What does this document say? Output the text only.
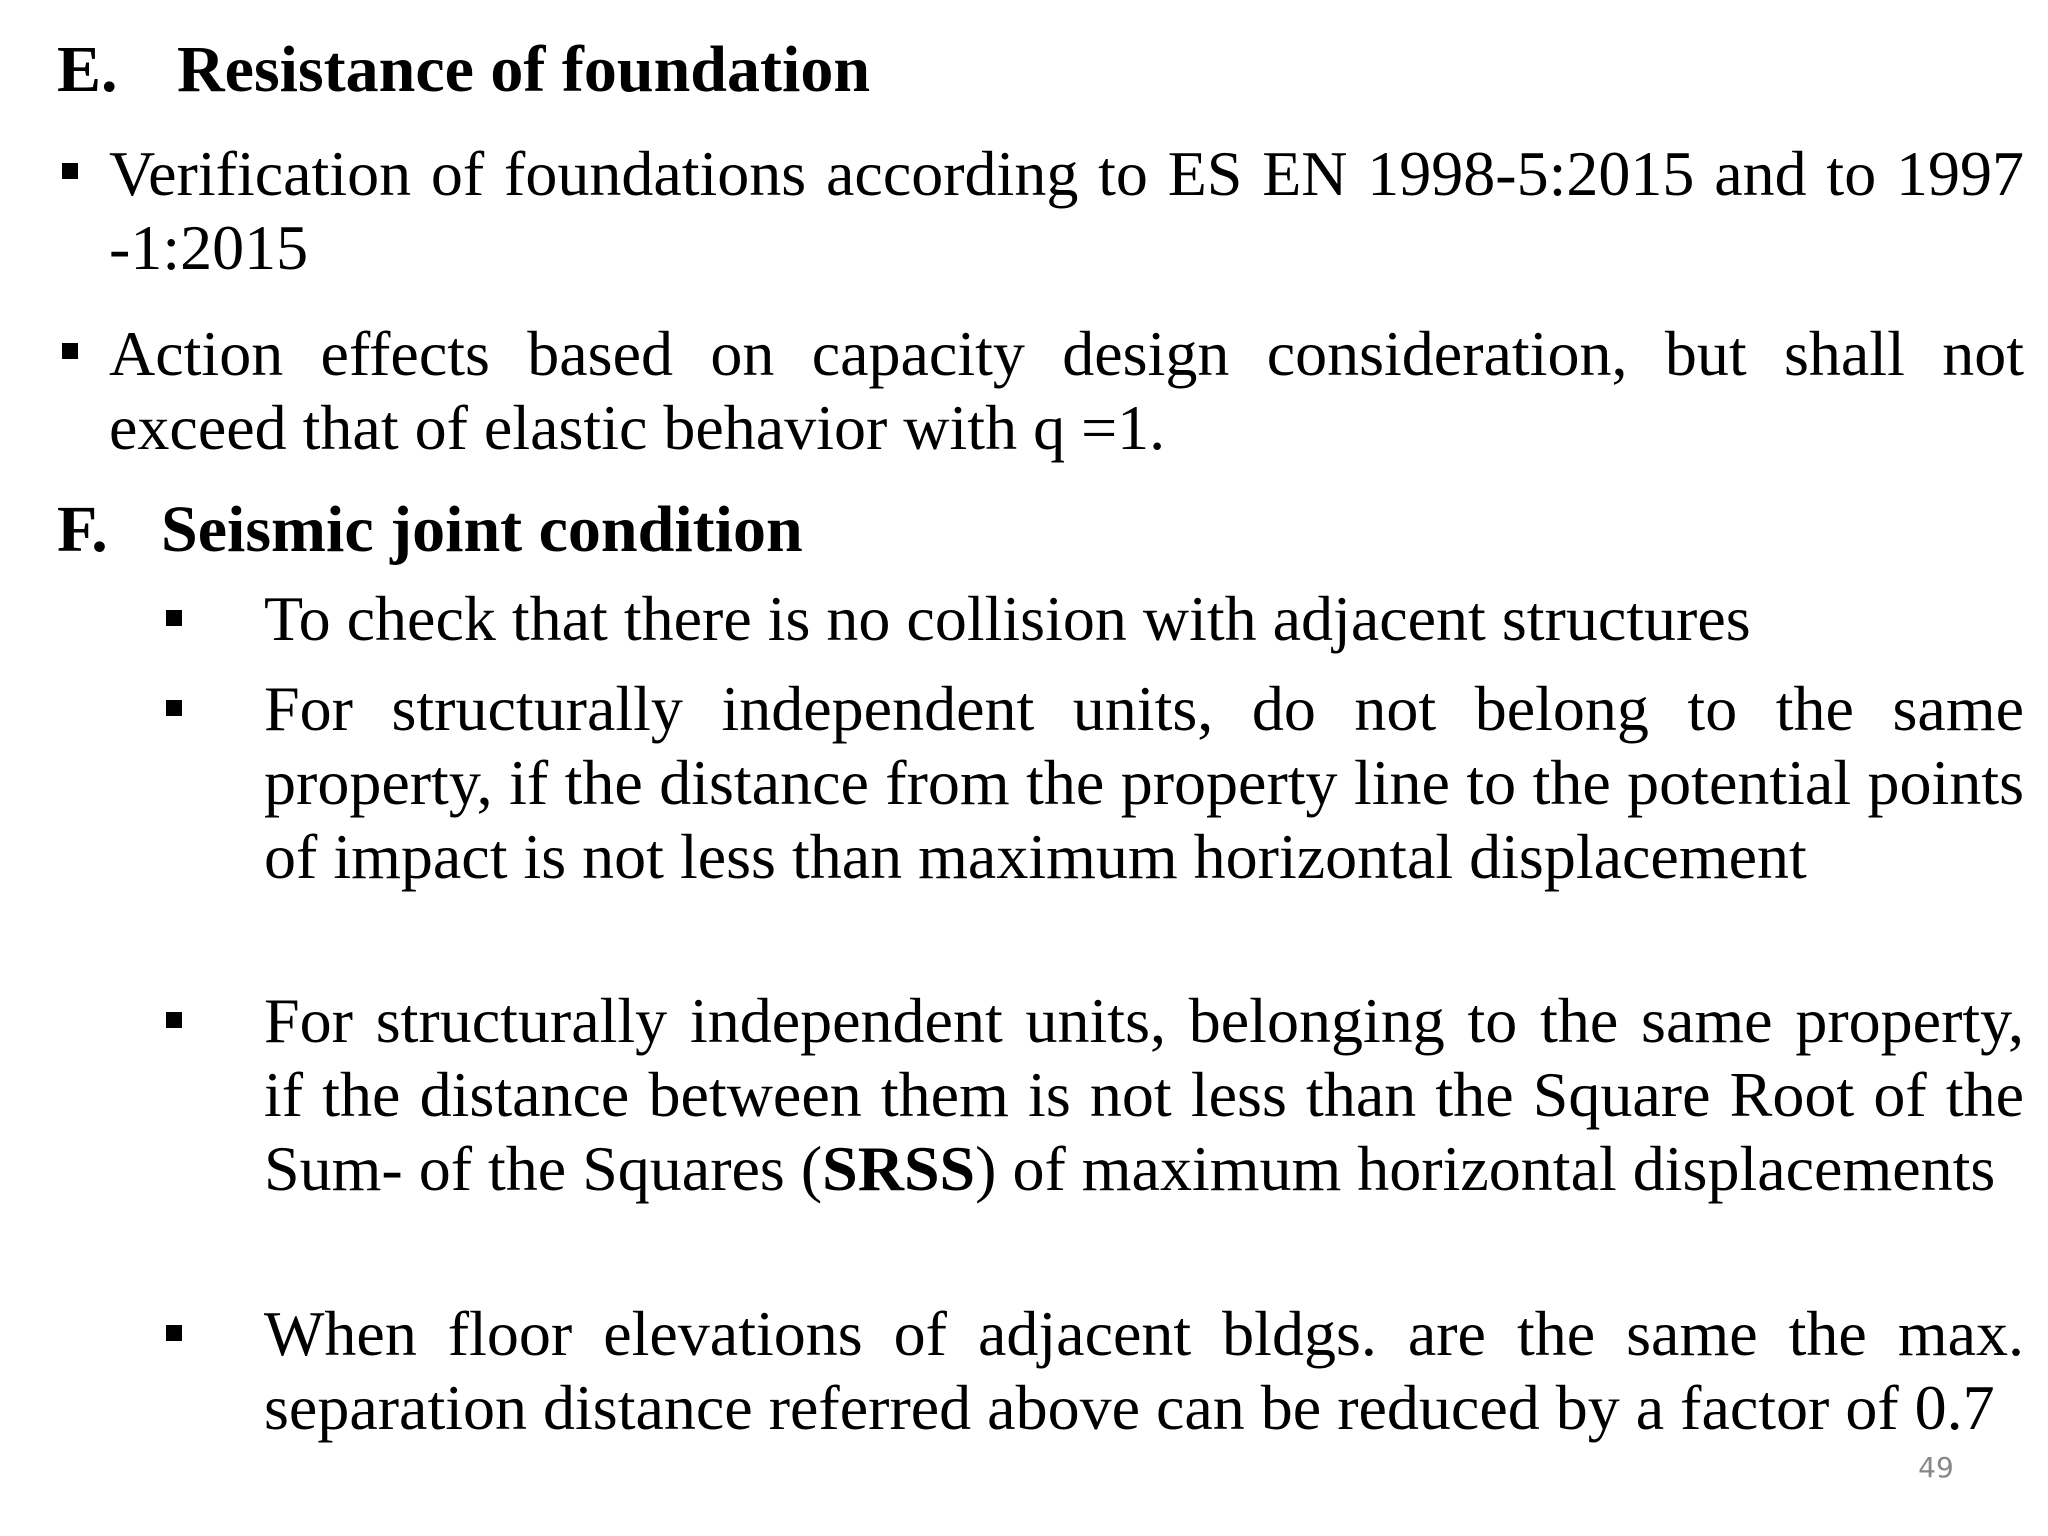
E. Resistance of foundation
Verification of foundations according to ES EN 1998-5:2015 and to 1997 -1:2015
Action effects based on capacity design consideration, but shall not exceed that of elastic behavior with q =1.
F. Seismic joint condition
To check that there is no collision with adjacent structures
For structurally independent units, do not belong to the same property, if the distance from the property line to the potential points of impact is not less than maximum horizontal displacement
For structurally independent units, belonging to the same property, if the distance between them is not less than the Square Root of the Sum- of the Squares (SRSS) of maximum horizontal displacements
When floor elevations of adjacent bldgs. are the same the max. separation distance referred above can be reduced by a factor of 0.7
49
